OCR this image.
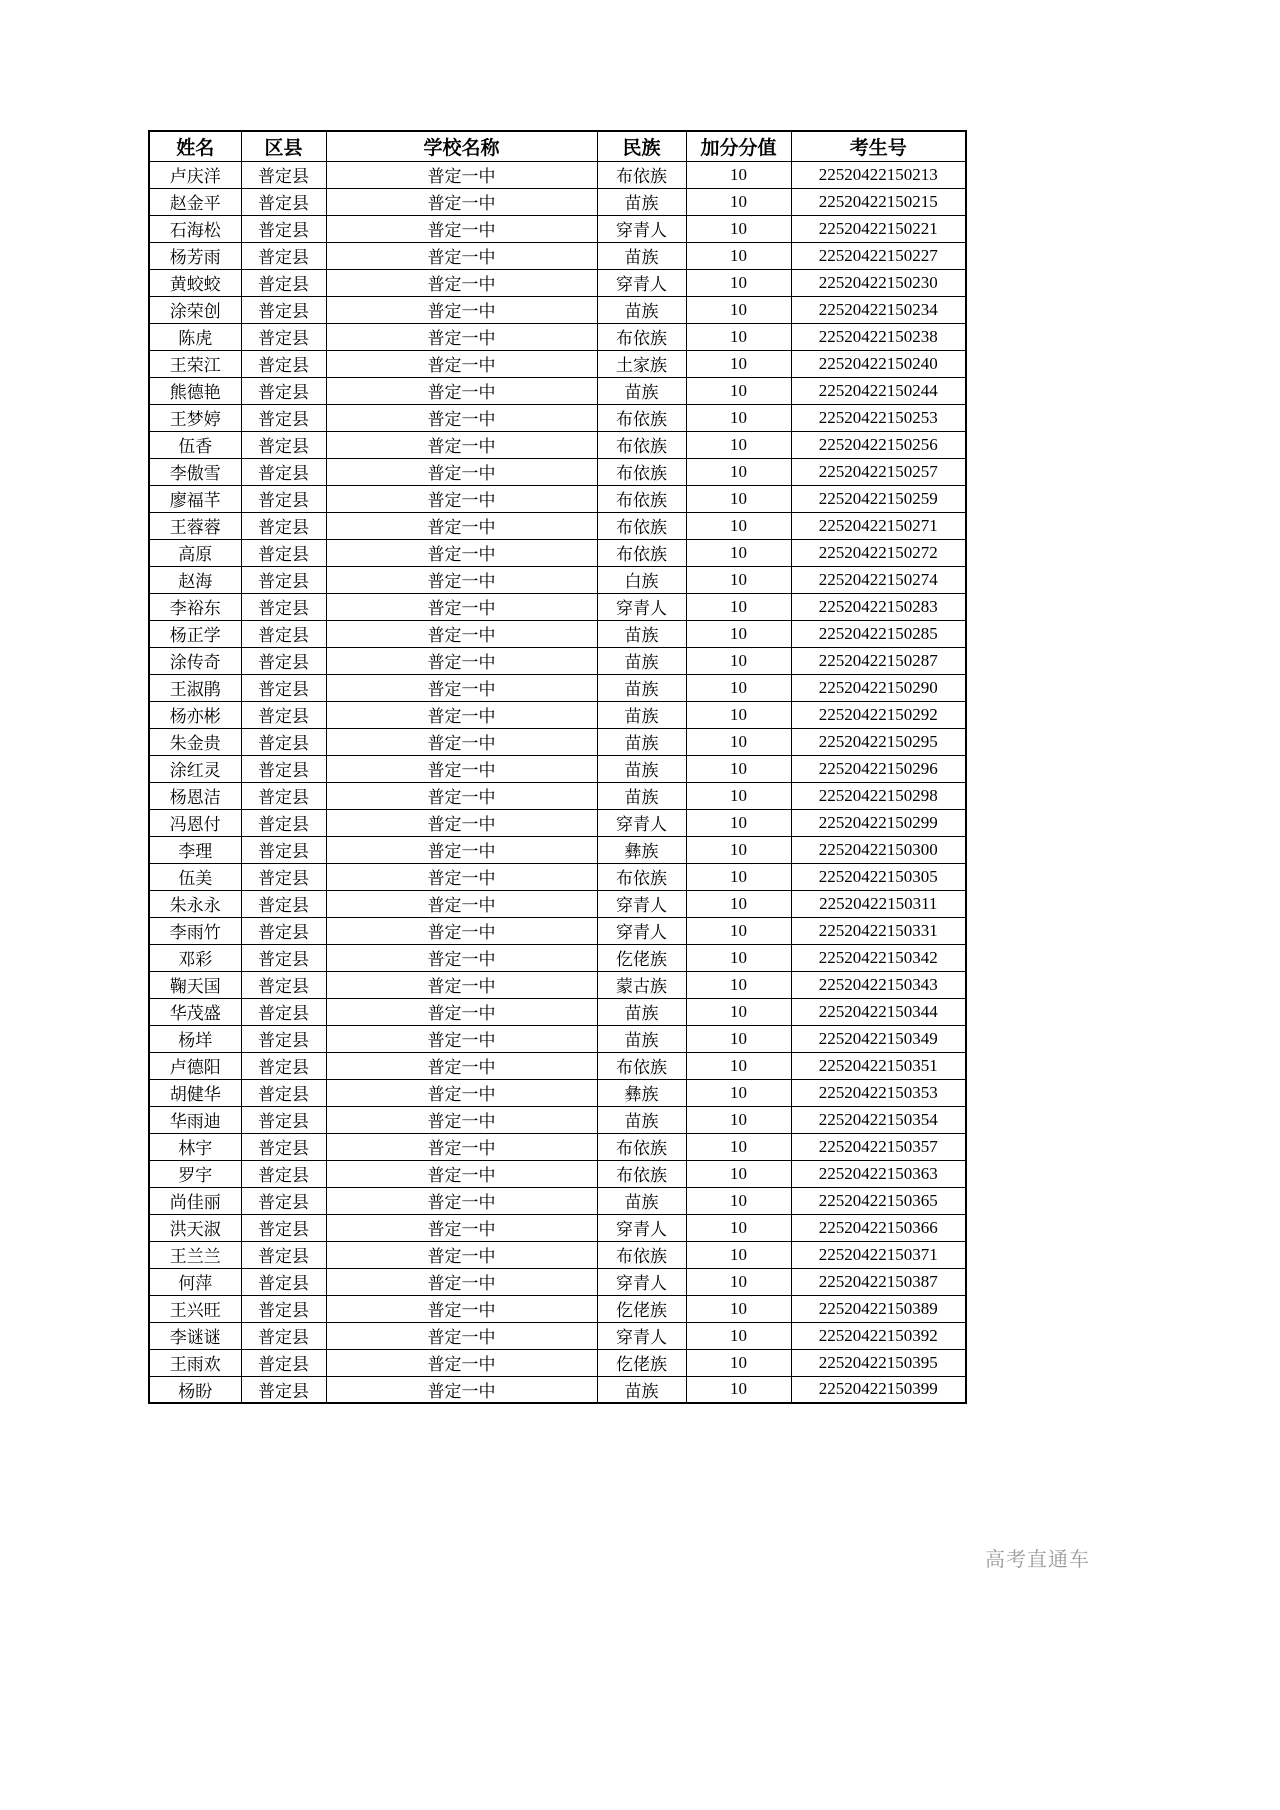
姓名	区县	学校名称	民族	加分分值	考生号
卢庆洋	普定县	普定一中	布依族	10	22520422150213
赵金平	普定县	普定一中	苗族	10	22520422150215
石海松	普定县	普定一中	穿青人	10	22520422150221
杨芳雨	普定县	普定一中	苗族	10	22520422150227
黄蛟蛟	普定县	普定一中	穿青人	10	22520422150230
涂荣创	普定县	普定一中	苗族	10	22520422150234
陈虎	普定县	普定一中	布依族	10	22520422150238
王荣江	普定县	普定一中	土家族	10	22520422150240
熊德艳	普定县	普定一中	苗族	10	22520422150244
王梦婷	普定县	普定一中	布依族	10	22520422150253
伍香	普定县	普定一中	布依族	10	22520422150256
李傲雪	普定县	普定一中	布依族	10	22520422150257
廖福芊	普定县	普定一中	布依族	10	22520422150259
王蓉蓉	普定县	普定一中	布依族	10	22520422150271
高原	普定县	普定一中	布依族	10	22520422150272
赵海	普定县	普定一中	白族	10	22520422150274
李裕东	普定县	普定一中	穿青人	10	22520422150283
杨正学	普定县	普定一中	苗族	10	22520422150285
涂传奇	普定县	普定一中	苗族	10	22520422150287
王淑鹃	普定县	普定一中	苗族	10	22520422150290
杨亦彬	普定县	普定一中	苗族	10	22520422150292
朱金贵	普定县	普定一中	苗族	10	22520422150295
涂红灵	普定县	普定一中	苗族	10	22520422150296
杨恩洁	普定县	普定一中	苗族	10	22520422150298
冯恩付	普定县	普定一中	穿青人	10	22520422150299
李理	普定县	普定一中	彝族	10	22520422150300
伍美	普定县	普定一中	布依族	10	22520422150305
朱永永	普定县	普定一中	穿青人	10	22520422150311
李雨竹	普定县	普定一中	穿青人	10	22520422150331
邓彩	普定县	普定一中	仡佬族	10	22520422150342
鞠天国	普定县	普定一中	蒙古族	10	22520422150343
华茂盛	普定县	普定一中	苗族	10	22520422150344
杨垟	普定县	普定一中	苗族	10	22520422150349
卢德阳	普定县	普定一中	布依族	10	22520422150351
胡健华	普定县	普定一中	彝族	10	22520422150353
华雨迪	普定县	普定一中	苗族	10	22520422150354
林宇	普定县	普定一中	布依族	10	22520422150357
罗宇	普定县	普定一中	布依族	10	22520422150363
尚佳丽	普定县	普定一中	苗族	10	22520422150365
洪天淑	普定县	普定一中	穿青人	10	22520422150366
王兰兰	普定县	普定一中	布依族	10	22520422150371
何萍	普定县	普定一中	穿青人	10	22520422150387
王兴旺	普定县	普定一中	仡佬族	10	22520422150389
李谜谜	普定县	普定一中	穿青人	10	22520422150392
王雨欢	普定县	普定一中	仡佬族	10	22520422150395
杨盼	普定县	普定一中	苗族	10	22520422150399
高考直通车
